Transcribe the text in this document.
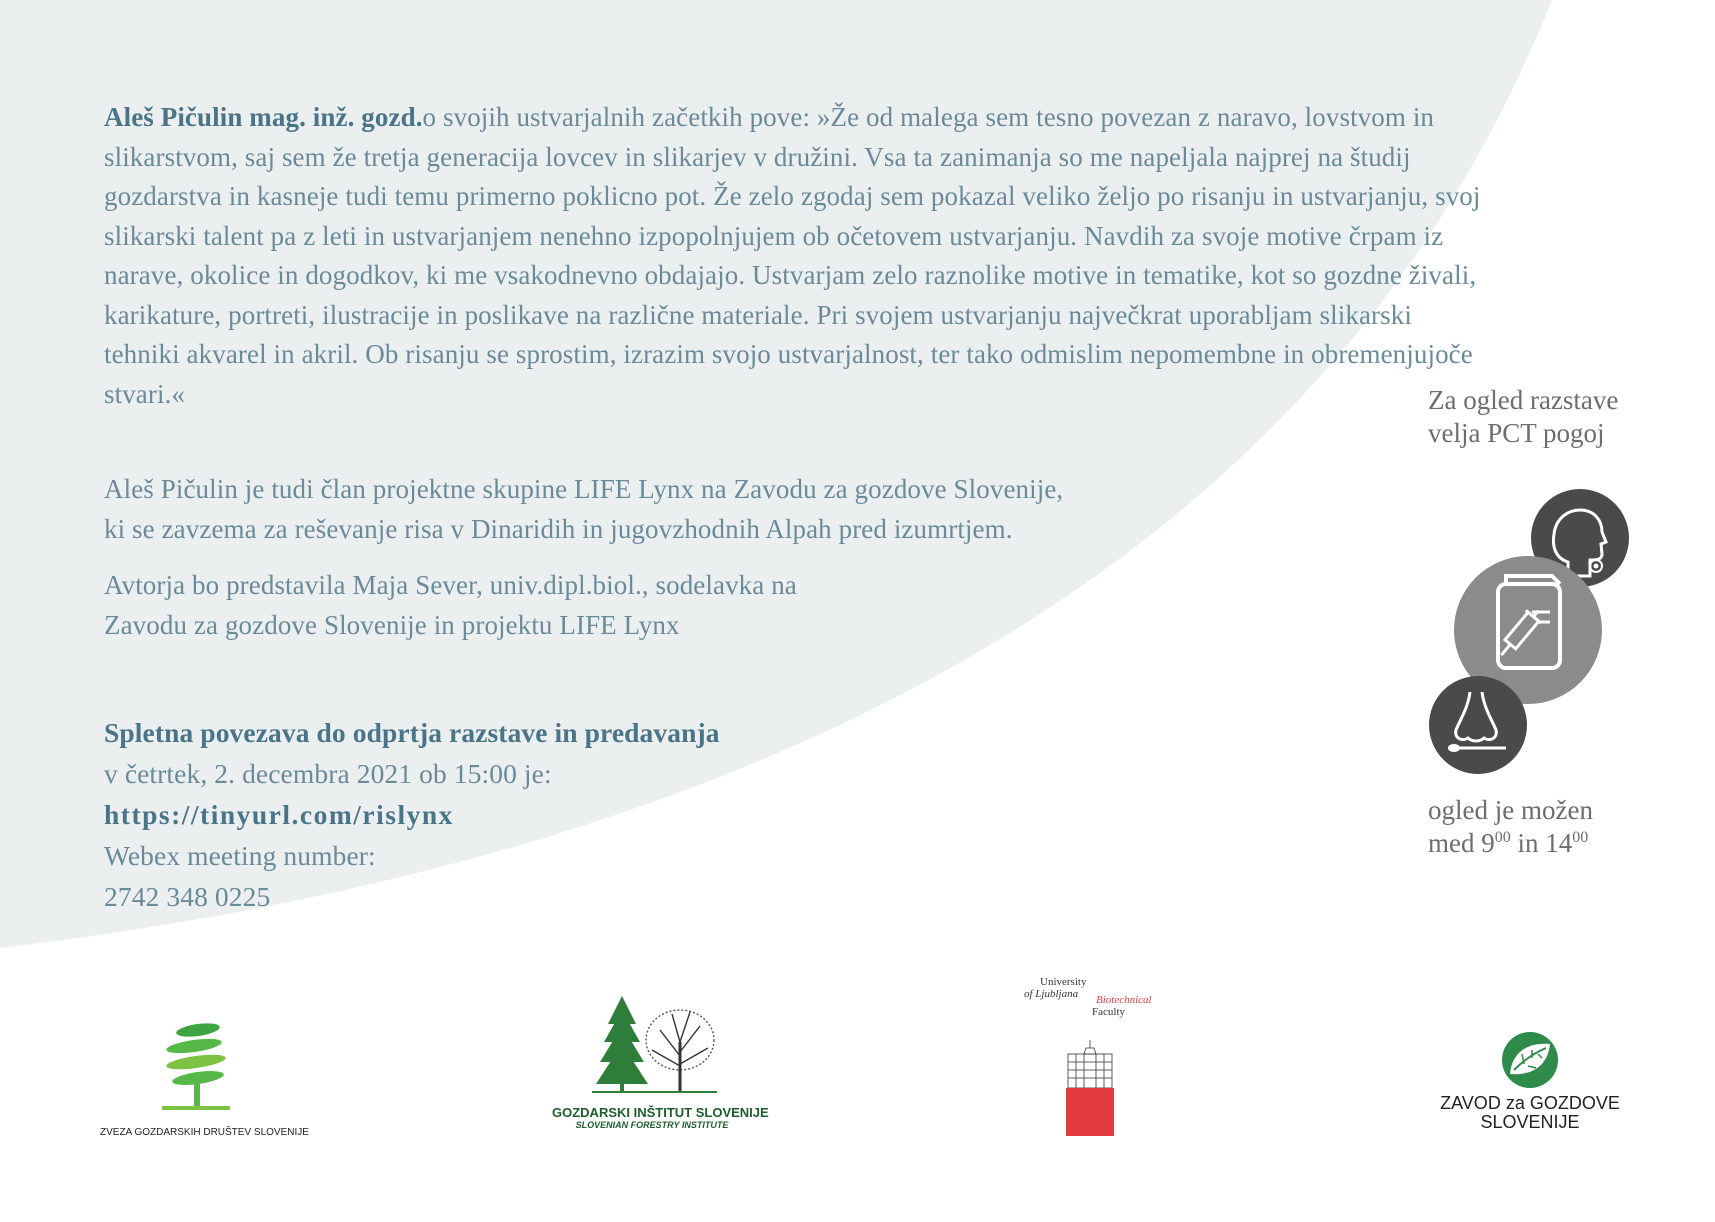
Aleš Pičulin mag. inž. gozd.o svojih ustvarjalnih začetkih pove: »Že od malega sem tesno povezan z naravo, lovstvom in slikarstvom, saj sem že tretja generacija lovcev in slikarjev v družini. Vsa ta zanimanja so me napeljala najprej na študij gozdarstva in kasneje tudi temu primerno poklicno pot. Že zelo zgodaj sem pokazal veliko željo po risanju in ustvarjanju, svoj slikarski talent pa z leti in ustvarjanjem nenehno izpopolnjujem ob očetovem ustvarjanju. Navdih za svoje motive črpam iz narave, okolice in dogodkov, ki me vsakodnevno obdajajo. Ustvarjam zelo raznolike motive in tematike, kot so gozdne živali, karikature, portreti, ilustracije in poslikave na različne materiale. Pri svojem ustvarjanju največkrat uporabljam slikarski tehniki akvarel in akril. Ob risanju se sprostim, izrazim svojo ustvarjalnost, ter tako odmislim nepomembne in obremenjujoče stvari.«

Aleš Pičulin je tudi član projektne skupine LIFE Lynx na Zavodu za gozdove Slovenije,

ki se zavzema za reševanje risa v Dinaridih in jugovzhodnih Alpah pred izumrtjem.

Avtorja bo predstavila Maja Sever, univ.dipl.biol., sodelavka na

Zavodu za gozdove Slovenije in projektu LIFE Lynx

Spletna povezava do odprtja razstave in predavanja

v četrtek, 2. decembra 2021 ob 15:00 je:

https://tinyurl.com/rislynx

Webex meeting number:

2742 348 0225

Za ogled razstave
velja PCT pogoj
ogled je možen
med $9^{00}$ in $14^{00}$
ZVEZA GOZDARSKIH DRUŠTEV SLOVENIJE
GOZDARSKI INŠTITUT SLOVENIJE
SLOVENIAN FORESTRY INSTITUTE
University
of Ljubljana	Biotechnical
Faculty
ZAVOD za GOZDOVE
SLOVENIJE
